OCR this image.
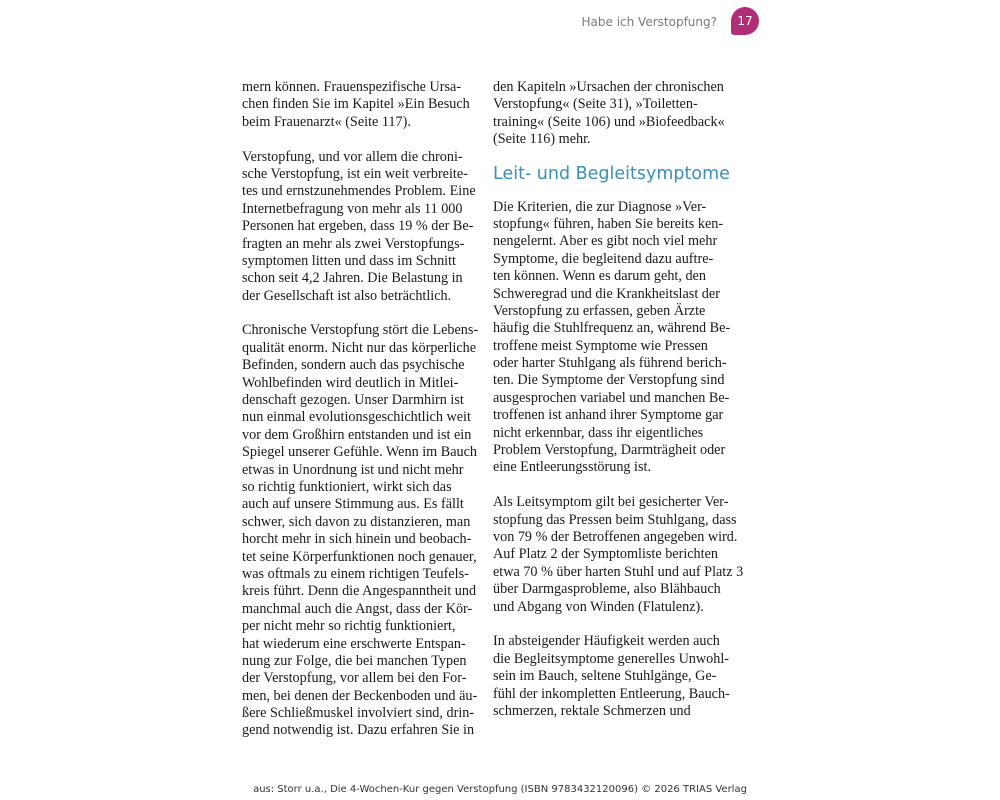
Habe ich Verstopfung?	17
mern können. Frauenspezifische Ursa-
chen finden Sie im Kapitel »Ein Besuch
beim Frauenarzt« (Seite 117).
Verstopfung, und vor allem die chroni-
sche Verstopfung, ist ein weit verbreite-
tes und ernstzunehmendes Problem. Eine
Internetbefragung von mehr als 11 000
Personen hat ergeben, dass 19 % der Be-
fragten an mehr als zwei Verstopfungs-
symptomen litten und dass im Schnitt
schon seit 4,2 Jahren. Die Belastung in
der Gesellschaft ist also beträchtlich.
Chronische Verstopfung stört die Lebens-
qualität enorm. Nicht nur das körperliche
Befinden, sondern auch das psychische
Wohlbefinden wird deutlich in Mitlei-
denschaft gezogen. Unser Darmhirn ist
nun einmal evolutionsgeschichtlich weit
vor dem Großhirn entstanden und ist ein
Spiegel unserer Gefühle. Wenn im Bauch
etwas in Unordnung ist und nicht mehr
so richtig funktioniert, wirkt sich das
auch auf unsere Stimmung aus. Es fällt
schwer, sich davon zu distanzieren, man
horcht mehr in sich hinein und beobach-
tet seine Körperfunktionen noch genauer,
was oftmals zu einem richtigen Teufels-
kreis führt. Denn die Angespanntheit und
manchmal auch die Angst, dass der Kör-
per nicht mehr so richtig funktioniert,
hat wiederum eine erschwerte Entspan-
nung zur Folge, die bei manchen Typen
der Verstopfung, vor allem bei den For-
men, bei denen der Beckenboden und äu-
ßere Schließmuskel involviert sind, drin-
gend notwendig ist. Dazu erfahren Sie in
den Kapiteln »Ursachen der chronischen
Verstopfung« (Seite 31), »Toiletten-
training« (Seite 106) und »Biofeedback«
(Seite 116) mehr.
Leit- und Begleitsymptome
Die Kriterien, die zur Diagnose »Ver-
stopfung« führen, haben Sie bereits ken-
nengelernt. Aber es gibt noch viel mehr
Symptome, die begleitend dazu auftre-
ten können. Wenn es darum geht, den
Schweregrad und die Krankheitslast der
Verstopfung zu erfassen, geben Ärzte
häufig die Stuhlfrequenz an, während Be-
troffene meist Symptome wie Pressen
oder harter Stuhlgang als führend berich-
ten. Die Symptome der Verstopfung sind
ausgesprochen variabel und manchen Be-
troffenen ist anhand ihrer Symptome gar
nicht erkennbar, dass ihr eigentliches
Problem Verstopfung, Darmträgheit oder
eine Entleerungsstörung ist.
Als Leitsymptom gilt bei gesicherter Ver-
stopfung das Pressen beim Stuhlgang, dass
von 79 % der Betroffenen angegeben wird.
Auf Platz 2 der Symptomliste berichten
etwa 70 % über harten Stuhl und auf Platz 3
über Darmgasprobleme, also Blähbauch
und Abgang von Winden (Flatulenz).
In absteigender Häufigkeit werden auch
die Begleitsymptome generelles Unwohl-
sein im Bauch, seltene Stuhlgänge, Ge-
fühl der inkompletten Entleerung, Bauch-
schmerzen, rektale Schmerzen und
aus: Storr u.a., Die 4-Wochen-Kur gegen Verstopfung (ISBN 9783432120096) © 2026 TRIAS Verlag
